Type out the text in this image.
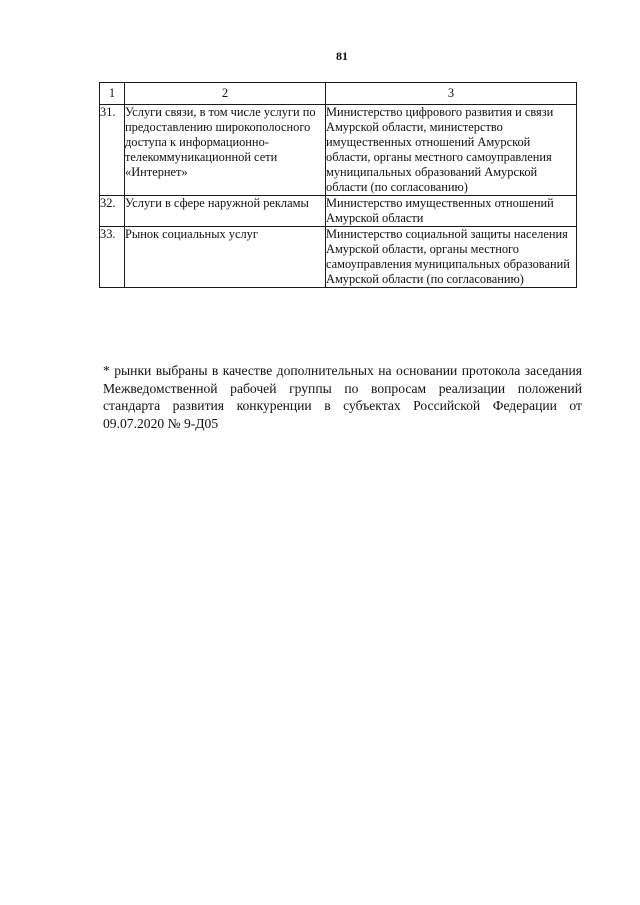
81
1	2	3
31.	Услуги связи, в том числе услуги по предоставлению широкополосного доступа к информационно-телекоммуникационной сети «Интернет»	Министерство цифрового развития и связи Амурской области, министерство имущественных отношений Амурской области, органы местного самоуправления муниципальных образований Амурской области (по согласованию)
32.	Услуги в сфере наружной рекламы	Министерство имущественных отношений Амурской области
33.	Рынок социальных услуг	Министерство социальной защиты населения Амурской области, органы местного самоуправления муниципальных образований Амурской области (по согласованию)

* рынки выбраны в качестве дополнительных на основании протокола заседания Межведомственной рабочей группы по вопросам реализации положений стандарта развития конкуренции в субъектах Российской Федерации от 09.07.2020 № 9-Д05
